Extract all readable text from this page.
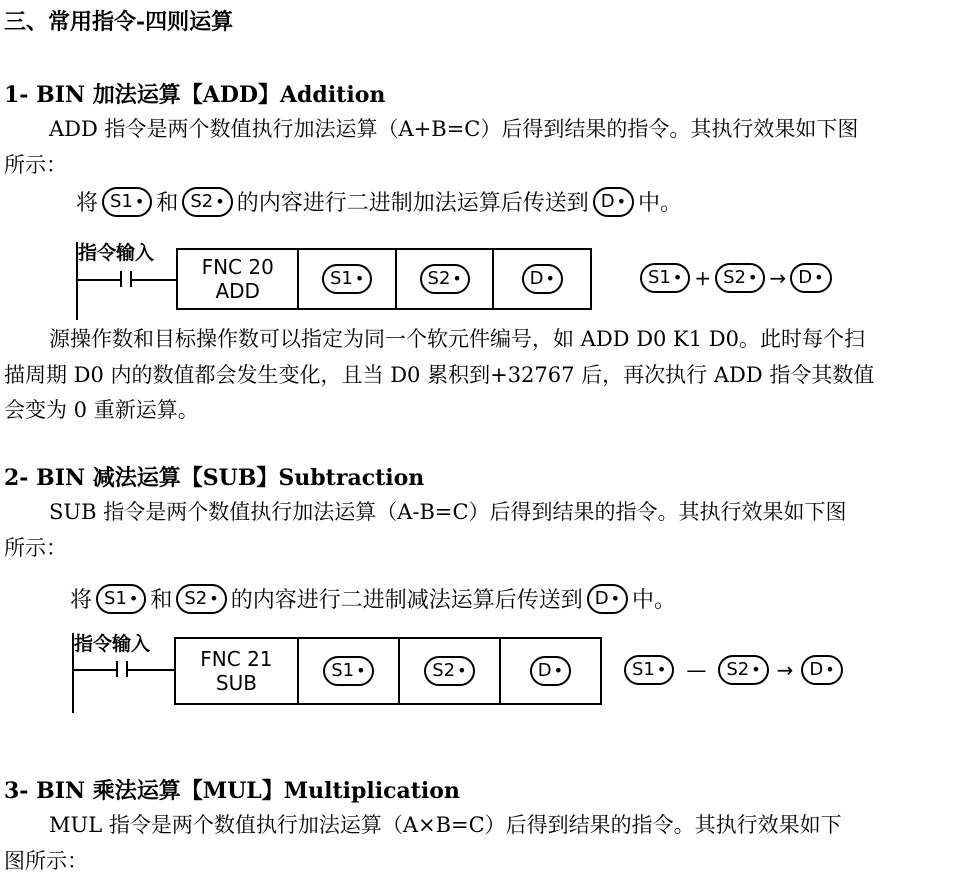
三、常用指令-四则运算
1- BIN 加法运算【ADD】Addition
ADD 指令是两个数值执行加法运算（A+B=C）后得到结果的指令。其执行效果如下图
所示：
将 S1 • 和 S2 • 的内容进行二进制加法运算后传送到 D • 中。
指令输入
FNC 20
ADD
S1 •	S2 •	D •	S1 • + S2 • → D •
源操作数和目标操作数可以指定为同一个软元件编号，如 ADD D0 K1 D0。此时每个扫
描周期 D0 内的数值都会发生变化，且当 D0 累积到+32767 后，再次执行 ADD 指令其数值
会变为 0 重新运算。
2- BIN 减法运算【SUB】Subtraction
SUB 指令是两个数值执行加法运算（A-B=C）后得到结果的指令。其执行效果如下图
所示：
将 S1 • 和 S2 • 的内容进行二进制减法运算后传送到 D • 中。
指令输入
FNC 21
SUB
S1 •	S2 •	D •	S1 • — S2 • → D •
3- BIN 乘法运算【MUL】Multiplication
MUL 指令是两个数值执行加法运算（A×B=C）后得到结果的指令。其执行效果如下
图所示：
